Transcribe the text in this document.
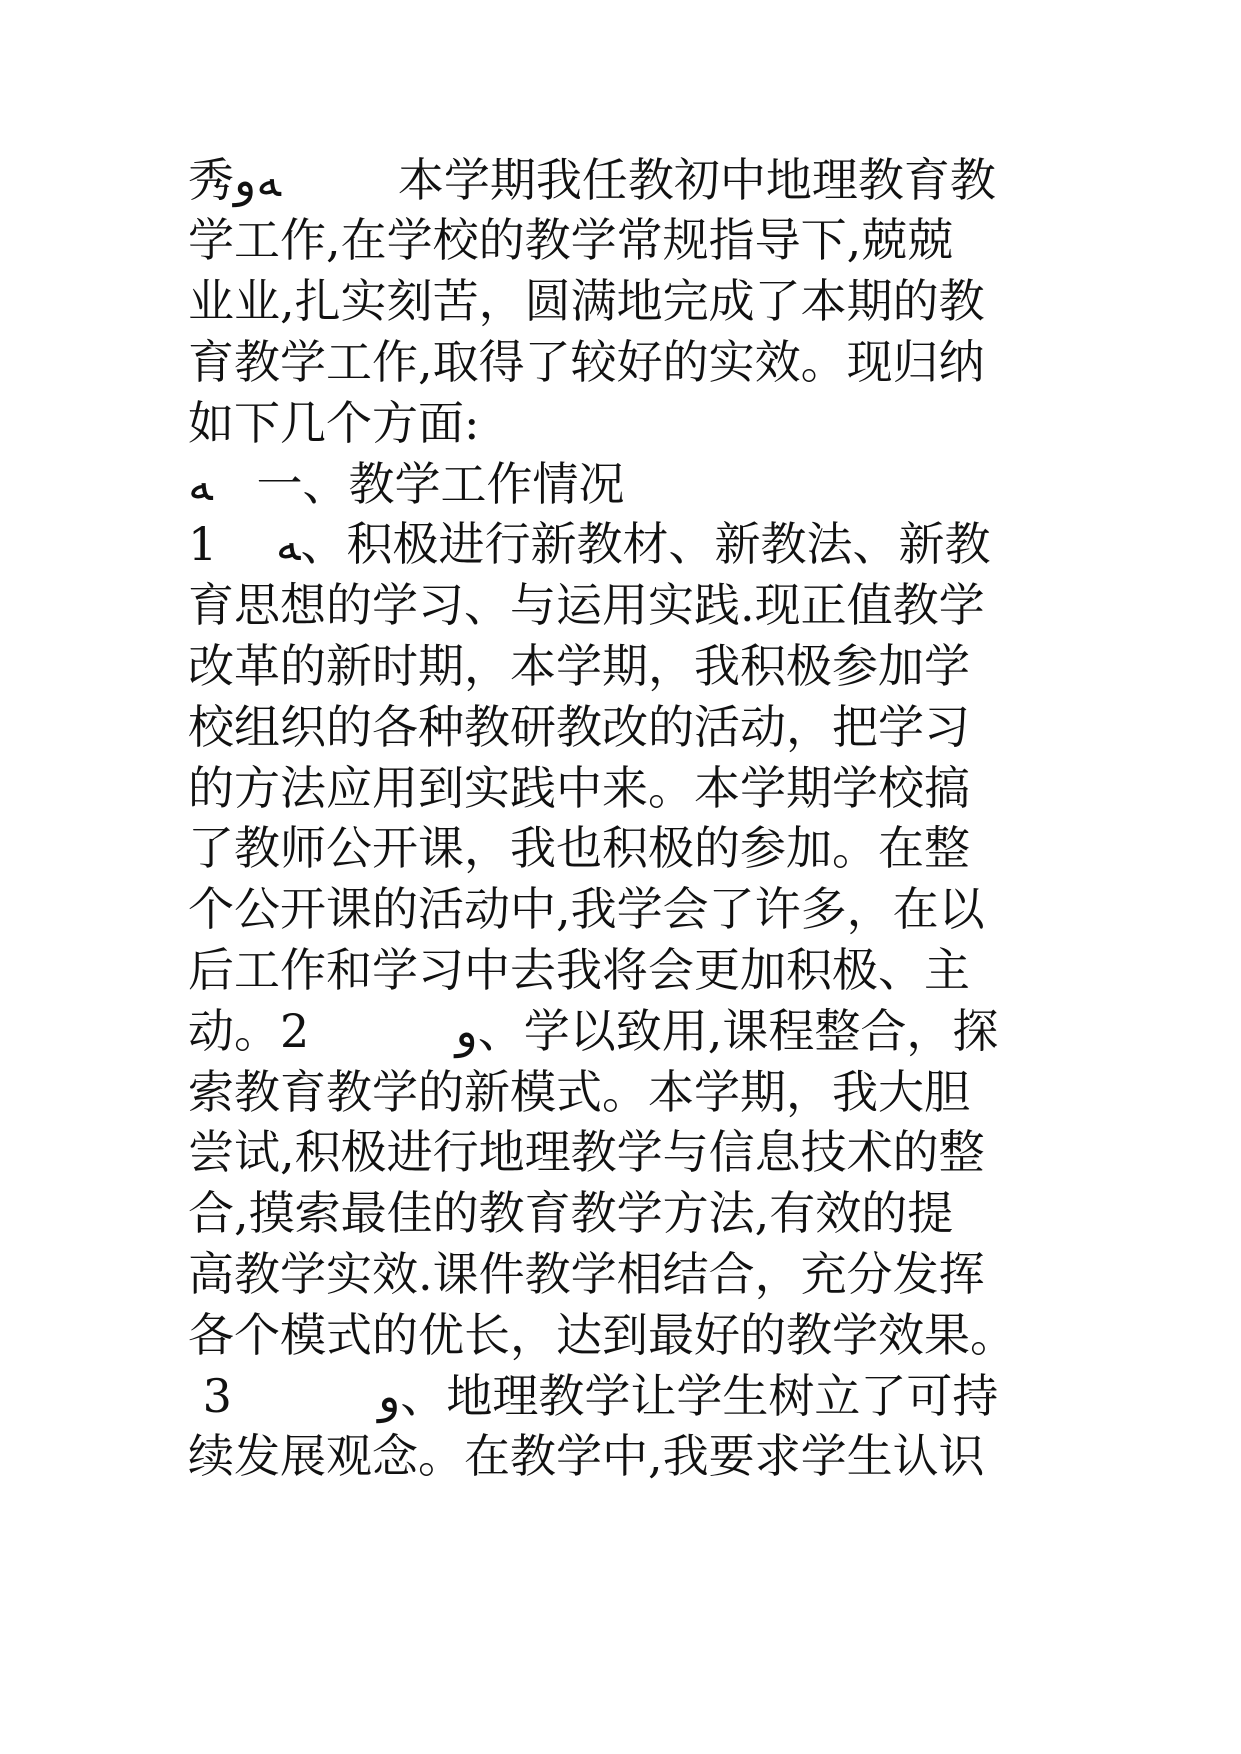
秀ﻪﻭ        本学期我任教初中地理教育教
学工作,在学校的教学常规指导下,兢兢
业业,扎实刻苦，圆满地完成了本期的教
育教学工作,取得了较好的实效。现归纳
如下几个方面:
ﻪ   一、教学工作情况
1    ﻪ、积极进行新教材、新教法、新教
育思想的学习、与运用实践.现正值教学
改革的新时期，本学期，我积极参加学
校组织的各种教研教改的活动，把学习
的方法应用到实践中来。本学期学校搞
了教师公开课，我也积极的参加。在整
个公开课的活动中,我学会了许多，在以
后工作和学习中去我将会更加积极、主
动。2          ﻭ、学以致用,课程整合，探
索教育教学的新模式。本学期，我大胆
尝试,积极进行地理教学与信息技术的整
合,摸索最佳的教育教学方法,有效的提
高教学实效.课件教学相结合，充分发挥
各个模式的优长，达到最好的教学效果。
3          ﻭ、地理教学让学生树立了可持
续发展观念。在教学中,我要求学生认识
